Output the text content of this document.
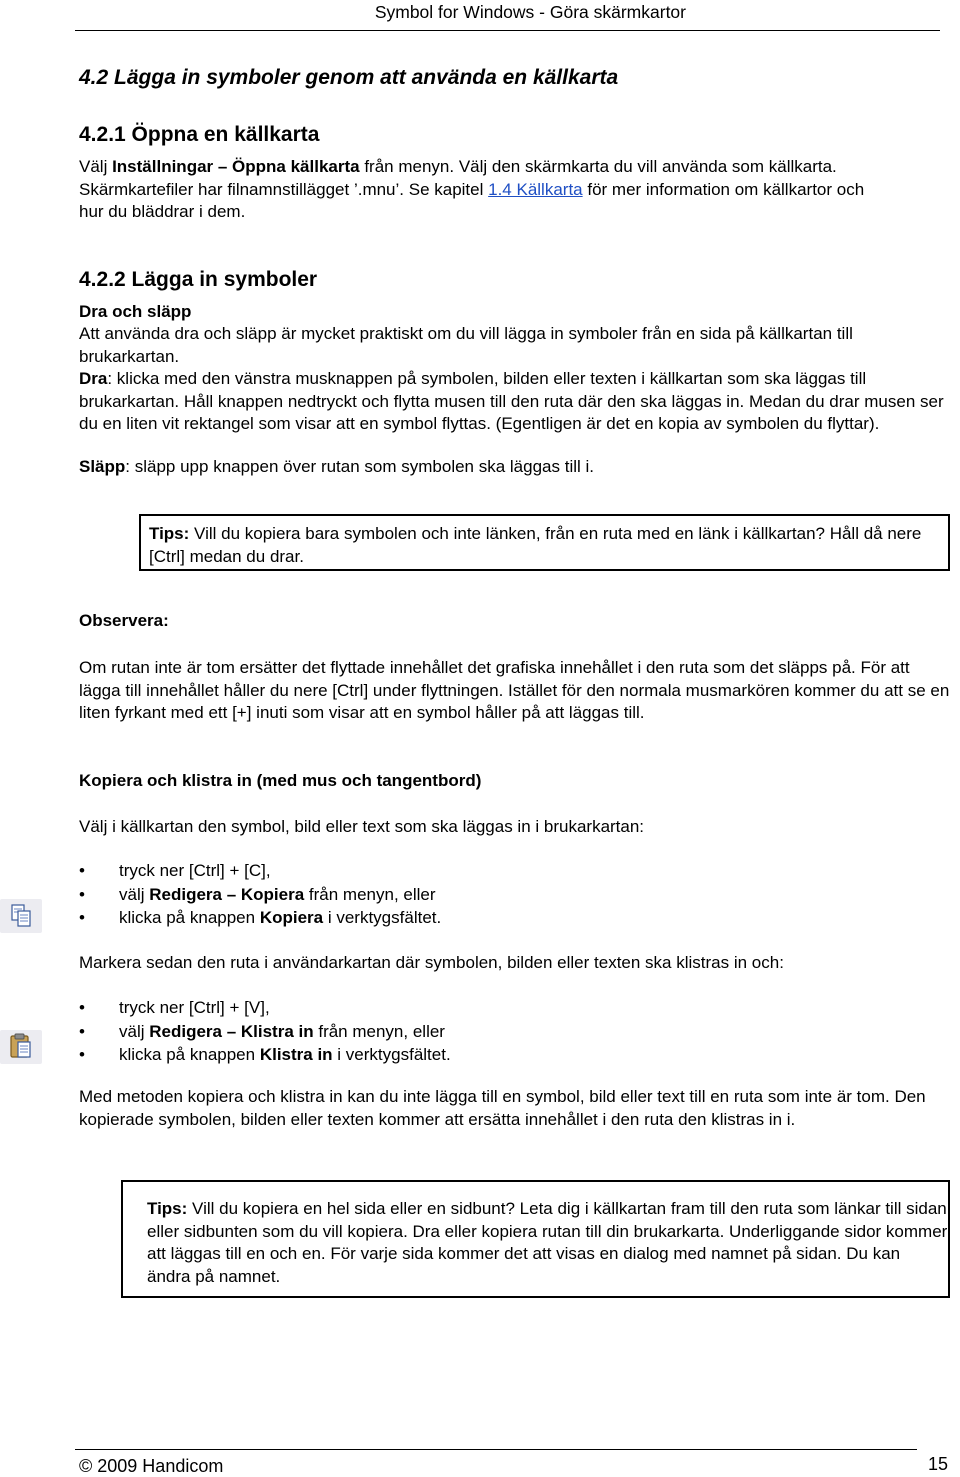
Symbol for Windows - Göra skärmkartor
4.2 Lägga in symboler genom att använda en källkarta
4.2.1 Öppna en källkarta
Välj Inställningar – Öppna källkarta från menyn. Välj den skärmkarta du vill använda som källkarta. Skärmkartefiler har filnamnstillägget ’.mnu’. Se kapitel 1.4 Källkarta för mer information om källkartor och hur du bläddrar i dem.
4.2.2 Lägga in symboler
Dra och släpp
Att använda dra och släpp är mycket praktiskt om du vill lägga in symboler från en sida på källkartan till brukarkartan.
Dra: klicka med den vänstra musknappen på symbolen, bilden eller texten i källkartan som ska läggas till brukarkartan. Håll knappen nedtryckt och flytta musen till den ruta där den ska läggas in. Medan du drar musen ser du en liten vit rektangel som visar att en symbol flyttas. (Egentligen är det en kopia av symbolen du flyttar).
Släpp: släpp upp knappen över rutan som symbolen ska läggas till i.
Tips: Vill du kopiera bara symbolen och inte länken, från en ruta med en länk i källkartan? Håll då nere [Ctrl] medan du drar.
Observera:
Om rutan inte är tom ersätter det flyttade innehållet det grafiska innehållet i den ruta som det släpps på. För att lägga till innehållet håller du nere [Ctrl] under flyttningen. Istället för den normala musmarkören kommer du att se en liten fyrkant med ett [+] inuti som visar att en symbol håller på att läggas till.
Kopiera och klistra in (med mus och tangentbord)
Välj i källkartan den symbol, bild eller text som ska läggas in i brukarkartan:
• tryck ner [Ctrl] + [C],
• välj Redigera – Kopiera från menyn, eller
• klicka på knappen Kopiera i verktygsfältet.
Markera sedan den ruta i användarkartan där symbolen, bilden eller texten ska klistras in och:
• tryck ner [Ctrl] + [V],
• välj Redigera – Klistra in från menyn, eller
• klicka på knappen Klistra in i verktygsfältet.
Med metoden kopiera och klistra in kan du inte lägga till en symbol, bild eller text till en ruta som inte är tom. Den kopierade symbolen, bilden eller texten kommer att ersätta innehållet i den ruta den klistras in i.
Tips: Vill du kopiera en hel sida eller en sidbunt? Leta dig i källkartan fram till den ruta som länkar till sidan eller sidbunten som du vill kopiera. Dra eller kopiera rutan till din brukarkarta. Underliggande sidor kommer att läggas till en och en. För varje sida kommer det att visas en dialog med namnet på sidan. Du kan ändra på namnet.
© 2009 Handicom	15
